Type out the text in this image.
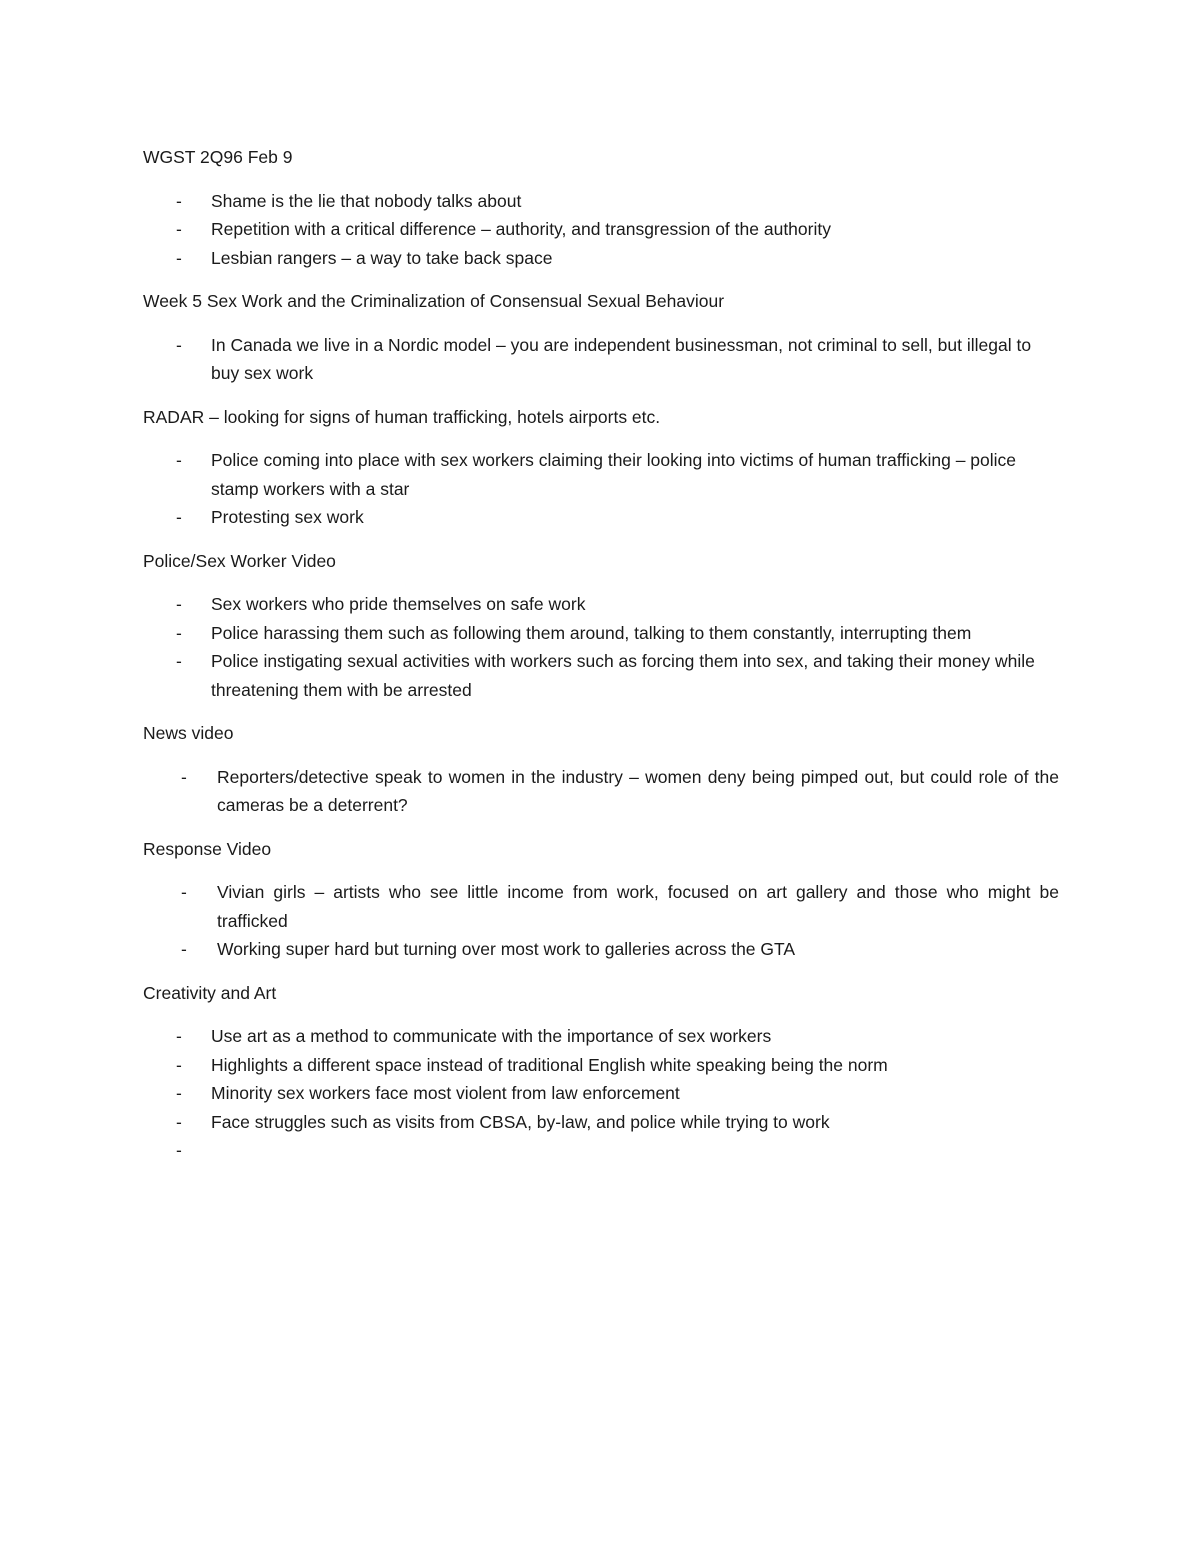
WGST 2Q96 Feb 9
- Shame is the lie that nobody talks about
- Repetition with a critical difference – authority, and transgression of the authority
- Lesbian rangers – a way to take back space
Week 5 Sex Work and the Criminalization of Consensual Sexual Behaviour
- In Canada we live in a Nordic model – you are independent businessman, not criminal to sell, but illegal to buy sex work
RADAR – looking for signs of human trafficking, hotels airports etc.
- Police coming into place with sex workers claiming their looking into victims of human trafficking – police stamp workers with a star
- Protesting sex work
Police/Sex Worker Video
- Sex workers who pride themselves on safe work
- Police harassing them such as following them around, talking to them constantly, interrupting them
- Police instigating sexual activities with workers such as forcing them into sex, and taking their money while threatening them with be arrested
News video
- Reporters/detective speak to women in the industry – women deny being pimped out, but could role of the cameras be a deterrent?
Response Video
- Vivian girls – artists who see little income from work, focused on art gallery and those who might be trafficked
- Working super hard but turning over most work to galleries across the GTA
Creativity and Art
- Use art as a method to communicate with the importance of sex workers
- Highlights a different space instead of traditional English white speaking being the norm
- Minority sex workers face most violent from law enforcement
- Face struggles such as visits from CBSA, by-law, and police while trying to work
-
